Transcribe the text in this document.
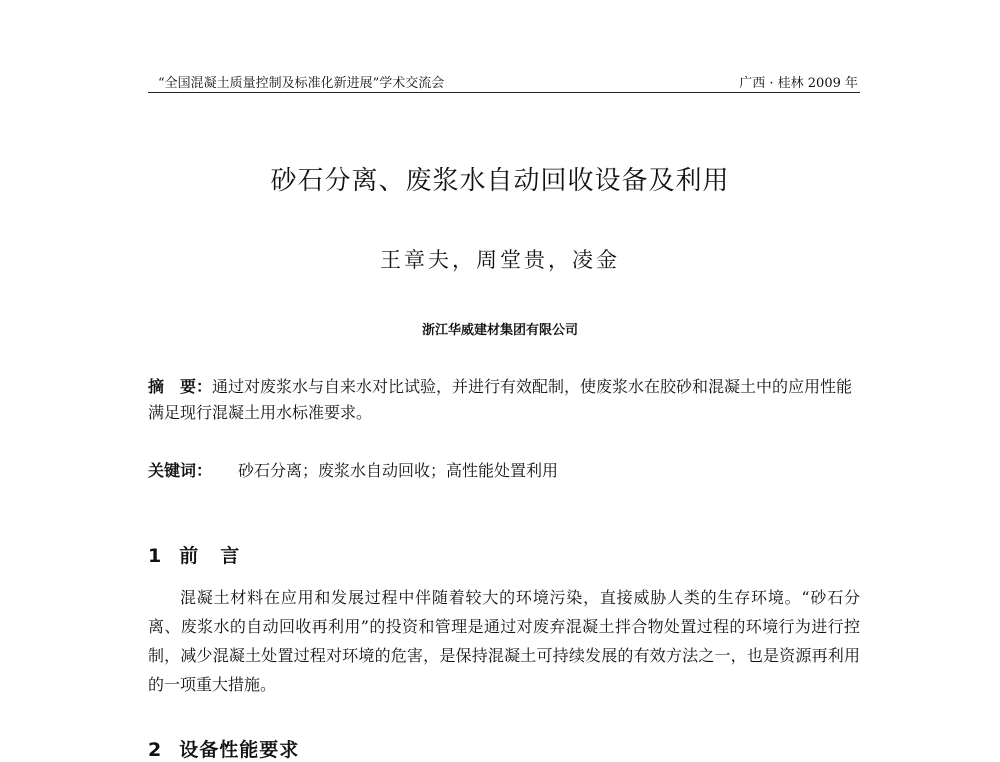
“全国混凝土质量控制及标准化新进展”学术交流会	广西 · 桂林 2009 年
砂石分离、废浆水自动回收设备及利用
王章夫，周堂贵，凌金
浙江华威建材集团有限公司
摘　要：通过对废浆水与自来水对比试验，并进行有效配制，使废浆水在胶砂和混凝土中的应用性能满足现行混凝土用水标准要求。
关键词： 砂石分离；废浆水自动回收；高性能处置利用
1 前言
混凝土材料在应用和发展过程中伴随着较大的环境污染，直接威胁人类的生存环境。“砂石分离、废浆水的自动回收再利用”的投资和管理是通过对废弃混凝土拌合物处置过程的环境行为进行控制，减少混凝土处置过程对环境的危害，是保持混凝土可持续发展的有效方法之一，也是资源再利用的一项重大措施。
2 设备性能要求
